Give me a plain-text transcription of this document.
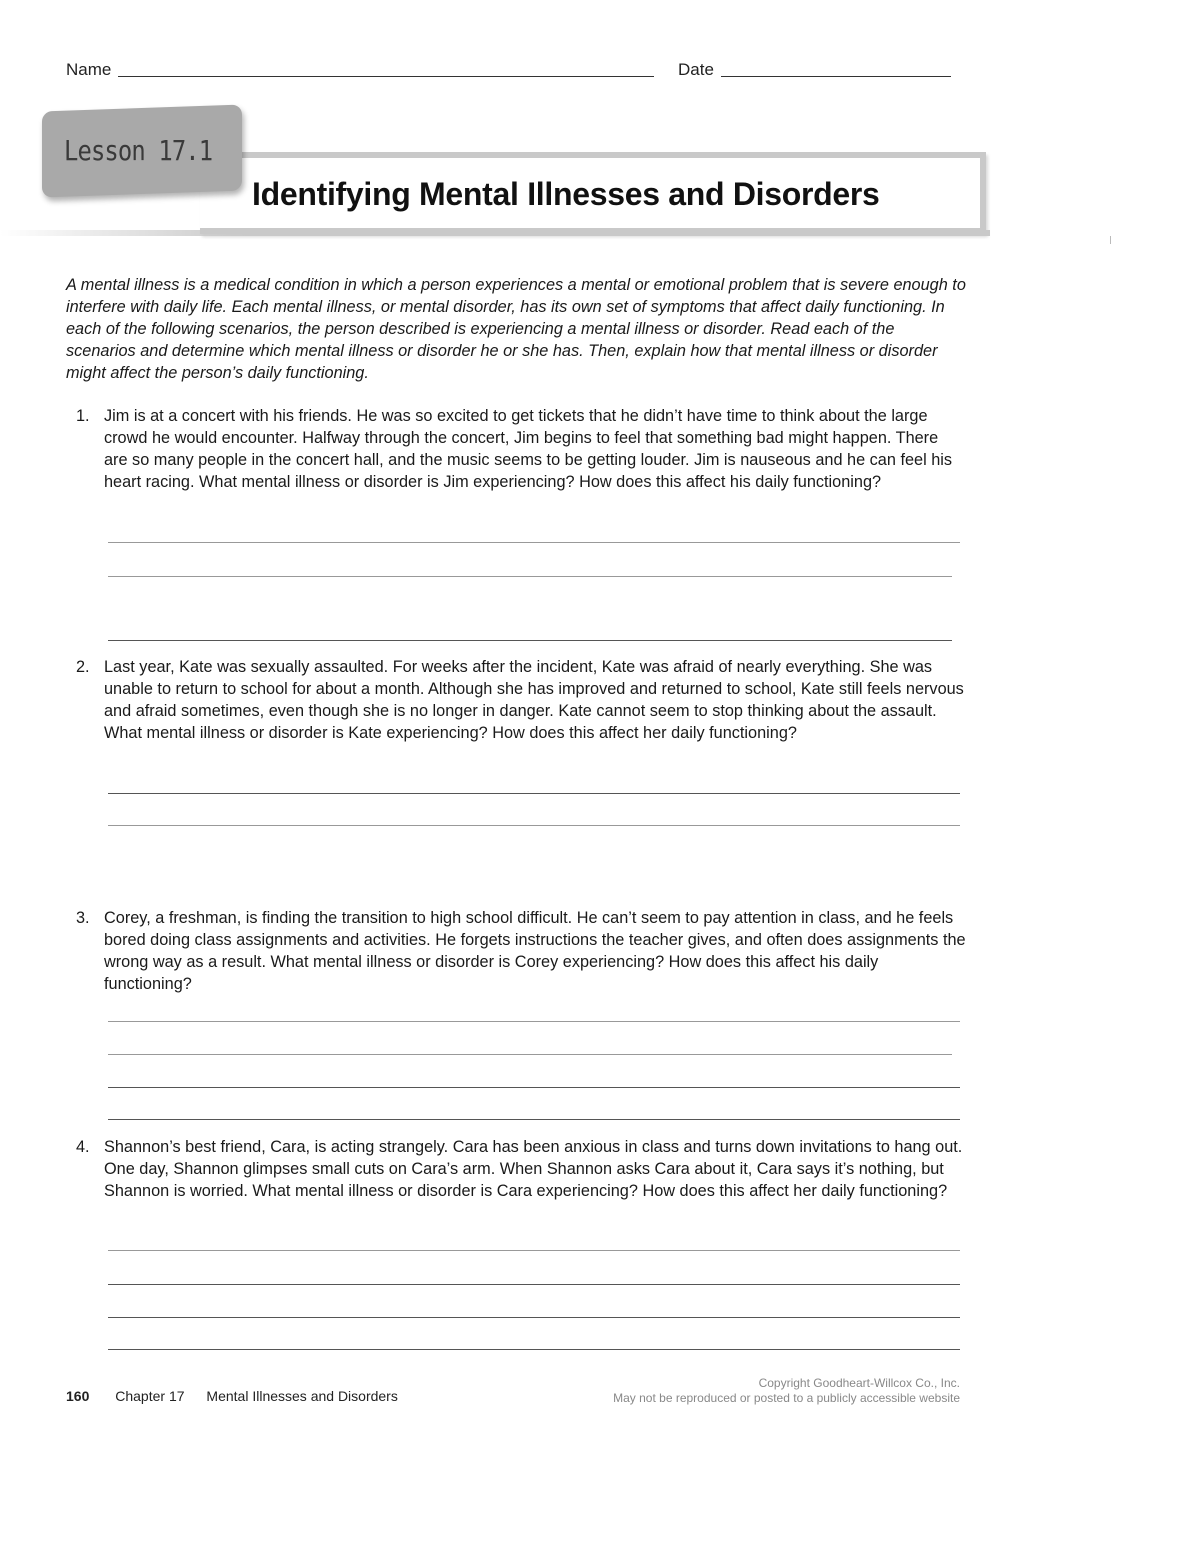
Name	Date
Lesson 17.1
Identifying Mental Illnesses and Disorders
A mental illness is a medical condition in which a person experiences a mental or emotional problem that is severe enough to interfere with daily life. Each mental illness, or mental disorder, has its own set of symptoms that affect daily functioning. In each of the following scenarios, the person described is experiencing a mental illness or disorder. Read each of the scenarios and determine which mental illness or disorder he or she has. Then, explain how that mental illness or disorder might affect the person’s daily functioning.
1. Jim is at a concert with his friends. He was so excited to get tickets that he didn’t have time to think about the large crowd he would encounter. Halfway through the concert, Jim begins to feel that something bad might happen. There are so many people in the concert hall, and the music seems to be getting louder. Jim is nauseous and he can feel his heart racing. What mental illness or disorder is Jim experiencing? How does this affect his daily functioning?
2. Last year, Kate was sexually assaulted. For weeks after the incident, Kate was afraid of nearly everything. She was unable to return to school for about a month. Although she has improved and returned to school, Kate still feels nervous and afraid sometimes, even though she is no longer in danger. Kate cannot seem to stop thinking about the assault. What mental illness or disorder is Kate experiencing? How does this affect her daily functioning?
3. Corey, a freshman, is finding the transition to high school difficult. He can’t seem to pay attention in class, and he feels bored doing class assignments and activities. He forgets instructions the teacher gives, and often does assignments the wrong way as a result. What mental illness or disorder is Corey experiencing? How does this affect his daily functioning?
4. Shannon’s best friend, Cara, is acting strangely. Cara has been anxious in class and turns down invitations to hang out. One day, Shannon glimpses small cuts on Cara’s arm. When Shannon asks Cara about it, Cara says it’s nothing, but Shannon is worried. What mental illness or disorder is Cara experiencing? How does this affect her daily functioning?
160 Chapter 17 Mental Illnesses and Disorders
Copyright Goodheart-Willcox Co., Inc.
May not be reproduced or posted to a publicly accessible website
